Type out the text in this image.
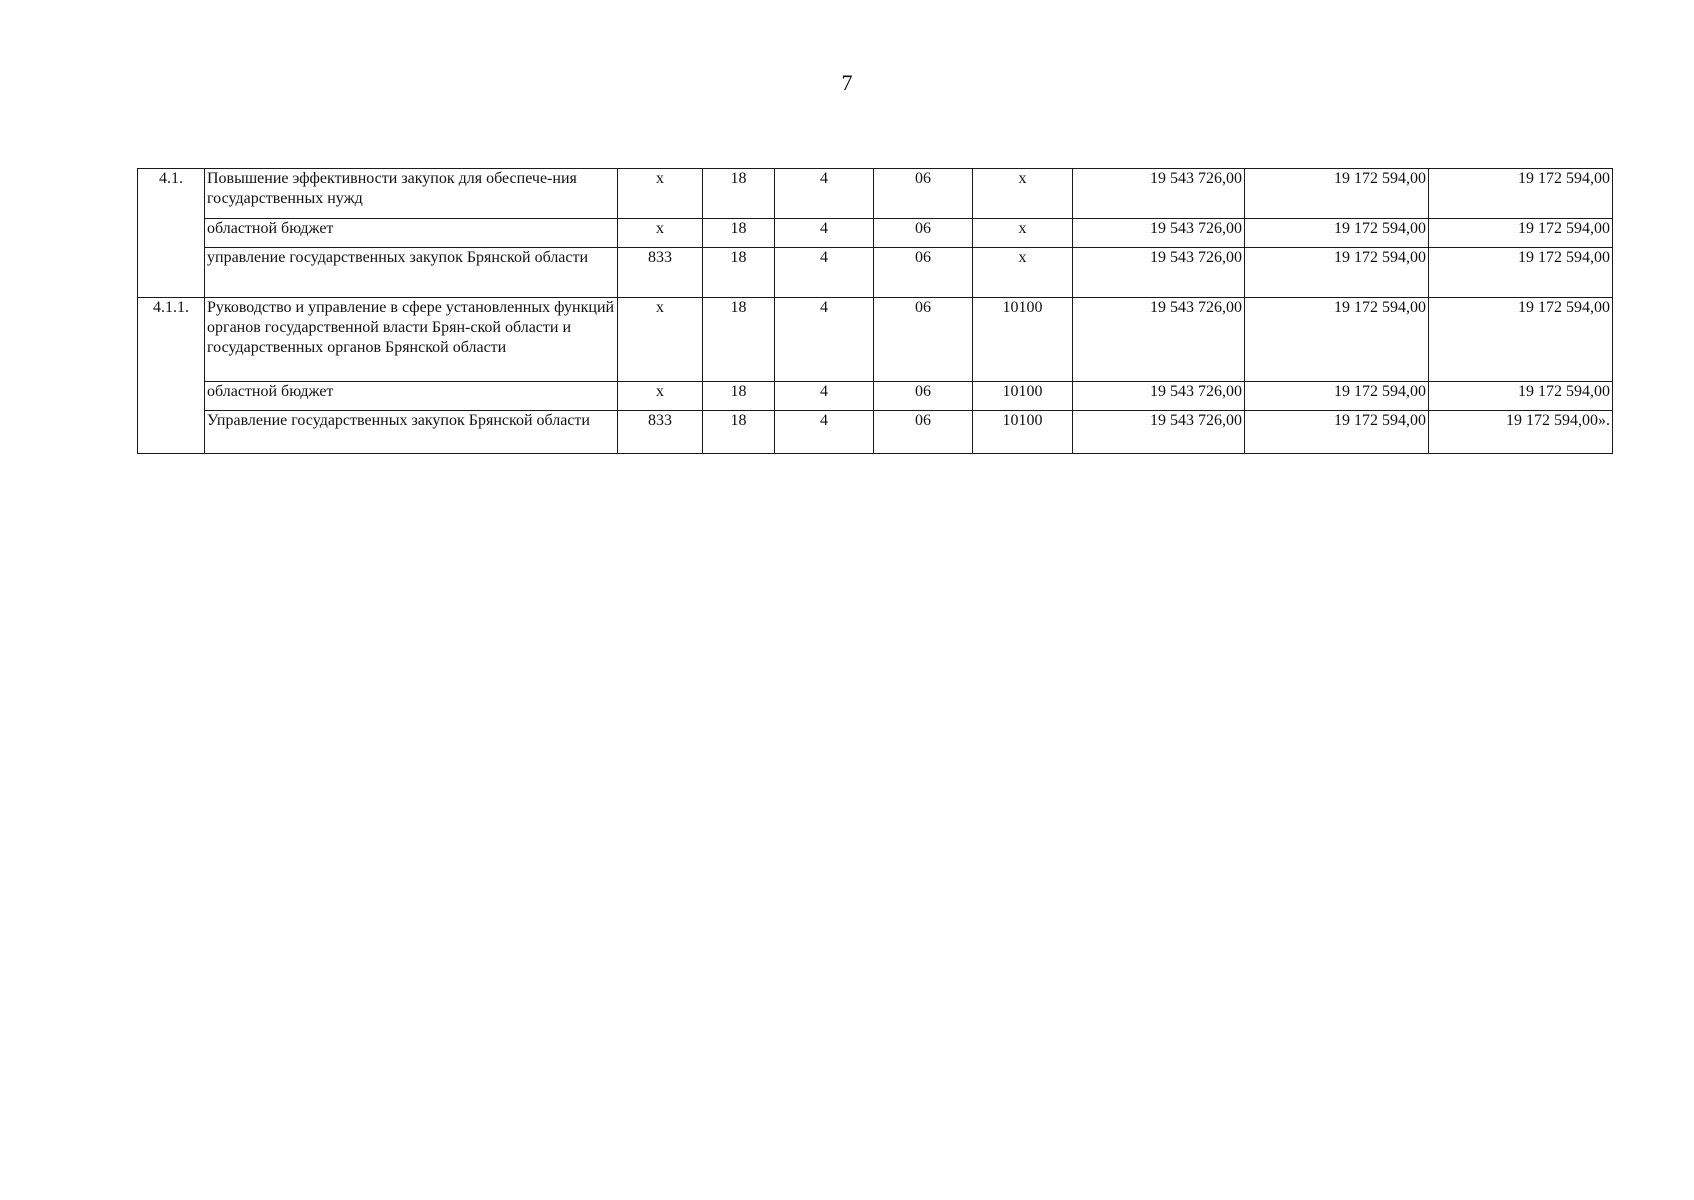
7
4.1.	Повышение эффективности закупок для обеспече-ния государственных нужд	x	18	4	06	x	19 543 726,00	19 172 594,00	19 172 594,00
	областной бюджет	x	18	4	06	x	19 543 726,00	19 172 594,00	19 172 594,00
	управление государственных закупок Брянской области	833	18	4	06	x	19 543 726,00	19 172 594,00	19 172 594,00
4.1.1.	Руководство и управление в сфере установленных функций органов государственной власти Брян-ской области и государственных органов Брянской области	x	18	4	06	10100	19 543 726,00	19 172 594,00	19 172 594,00
	областной бюджет	x	18	4	06	10100	19 543 726,00	19 172 594,00	19 172 594,00
	Управление государственных закупок Брянской области	833	18	4	06	10100	19 543 726,00	19 172 594,00	19 172 594,00».
